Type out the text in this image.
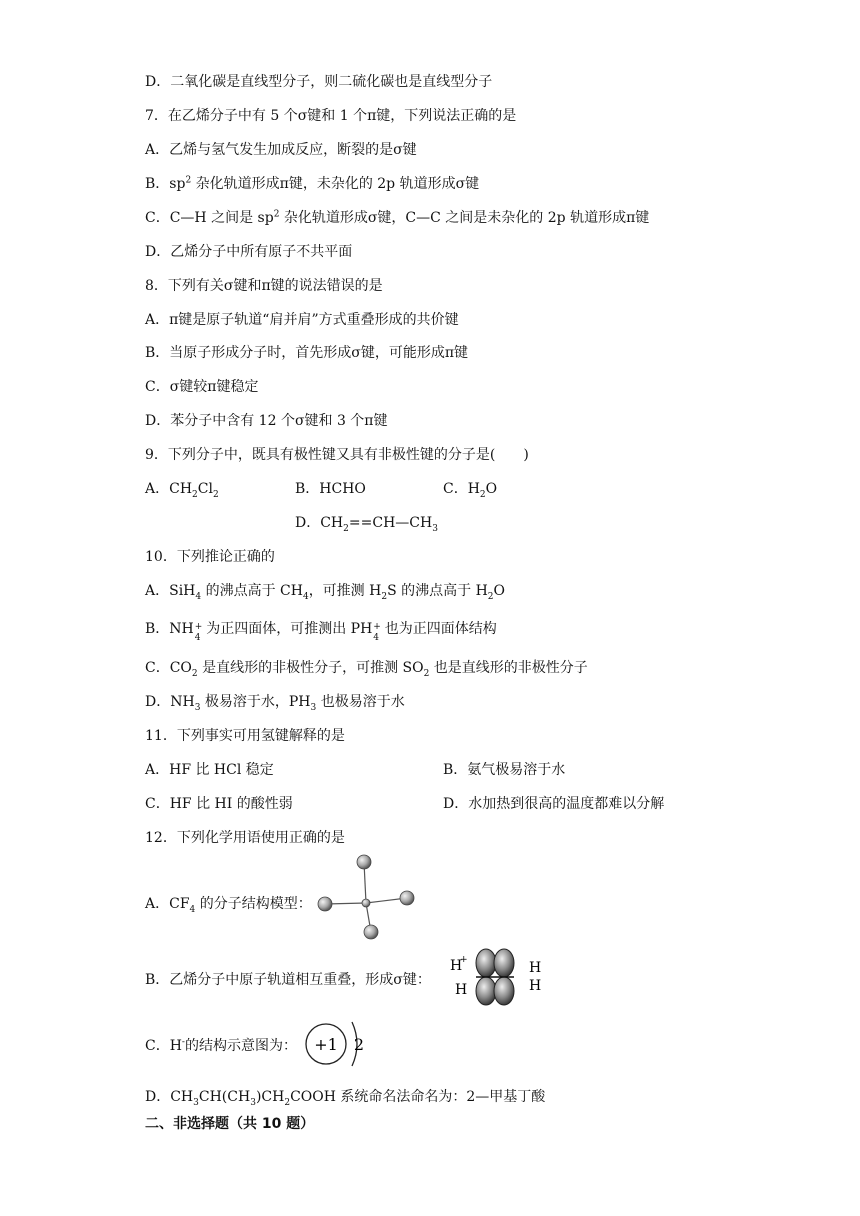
D．二氧化碳是直线型分子，则二硫化碳也是直线型分子
7．在乙烯分子中有 5 个σ键和 1 个π键，下列说法正确的是
A．乙烯与氢气发生加成反应，断裂的是σ键
B．$sp^2$ 杂化轨道形成π键，未杂化的 2p 轨道形成σ键
C．C—H 之间是 $sp^2$ 杂化轨道形成σ键，C—C 之间是未杂化的 2p 轨道形成π键
D．乙烯分子中所有原子不共平面
8．下列有关σ键和π键的说法错误的是
A．π键是原子轨道“肩并肩”方式重叠形成的共价键
B．当原子形成分子时，首先形成σ键，可能形成π键
C．σ键较π键稳定
D．苯分子中含有 12 个σ键和 3 个π键
9．下列分子中，既具有极性键又具有非极性键的分子是(　　)
A．$CH_2Cl_2$	B．HCHO	C．$H_2O$
D．$CH_2==CH—CH_3$
10．下列推论正确的
A．SiH$_4$ 的沸点高于 $CH_4$，可推测 $H_2S$ 的沸点高于 $H_2O$
B．NH +
4
为正四面体，可推测出 PH +
4
也为正四面体结构
C．$CO_2$ 是直线形的非极性分子，可推测 $SO_2$ 也是直线形的非极性分子
D．$NH_3$ 极易溶于水，$PH_3$ 也极易溶于水
11．下列事实可用氢键解释的是
A．HF 比 HCl 稳定	B．氨气极易溶于水
C．HF 比 HI 的酸性弱	D．水加热到很高的温度都难以分解
12．下列化学用语使用正确的是
A．$CF_4$ 的分子结构模型：
B．乙烯分子中原子轨道相互重叠，形成σ键：
H
+
H
H
H
C．H-的结构示意图为： +1 2
D．$CH_3CH(CH_3)CH_2COOH$ 系统命名法命名为：2—甲基丁酸
二、非选择题（共 10 题）
